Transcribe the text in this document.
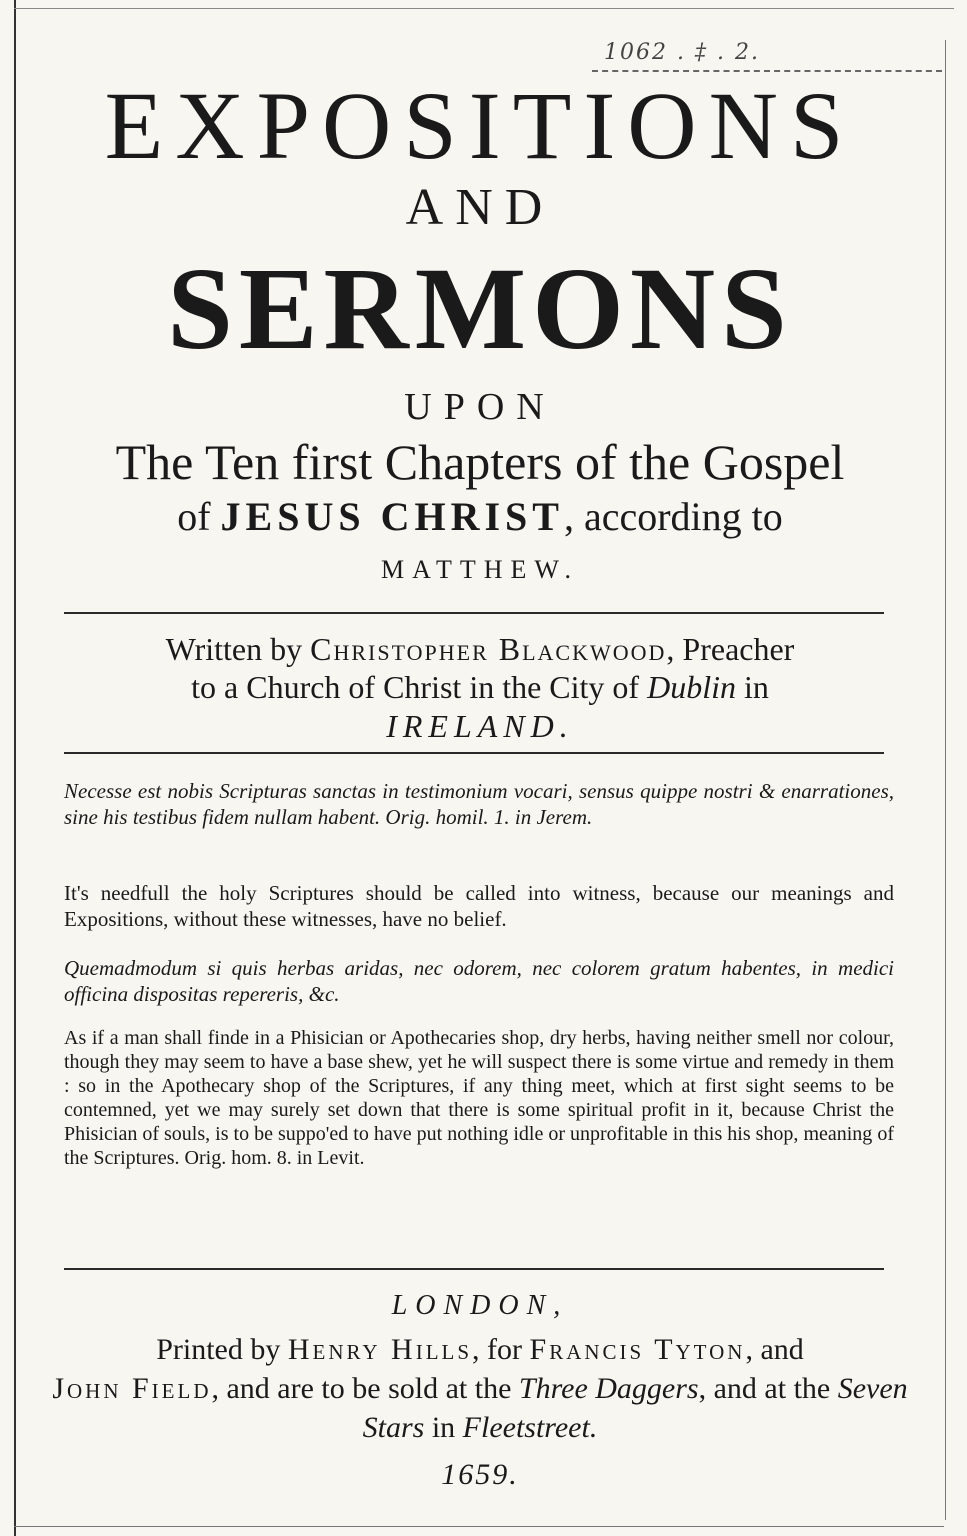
1062 . ‡ . 2.
EXPOSITIONS
AND
SERMONS
UPON
The Ten first Chapters of the Gospel
of JESUS CHRIST, according to
MATTHEW.
Written by Christopher Blackwood, Preacher
to a Church of Christ in the City of Dublin in
IRELAND.
Necesse est nobis Scripturas sanctas in testimonium vocari, sensus quippe nostri & enarrationes, sine his testibus fidem nullam habent. Orig. homil. 1. in Jerem.
It's needfull the holy Scriptures should be called into witness, because our meanings and Expositions, without these witnesses, have no belief.
Quemadmodum si quis herbas aridas, nec odorem, nec colorem gratum habentes, in medici officina dispositas repereris, &c.
As if a man shall finde in a Phisician or Apothecaries shop, dry herbs, having neither smell nor colour, though they may seem to have a base shew, yet he will suspect there is some virtue and remedy in them : so in the Apothecary shop of the Scriptures, if any thing meet, which at first sight seems to be contemned, yet we may surely set down that there is some spiritual profit in it, because Christ the Phisician of souls, is to be suppo'ed to have put nothing idle or unprofitable in this his shop, meaning of the Scriptures. Orig. hom. 8. in Levit.
LONDON,
Printed by Henry Hills, for Francis Tyton, and
John Field, and are to be sold at the Three Daggers, and at the Seven Stars in Fleetstreet.
1659.
